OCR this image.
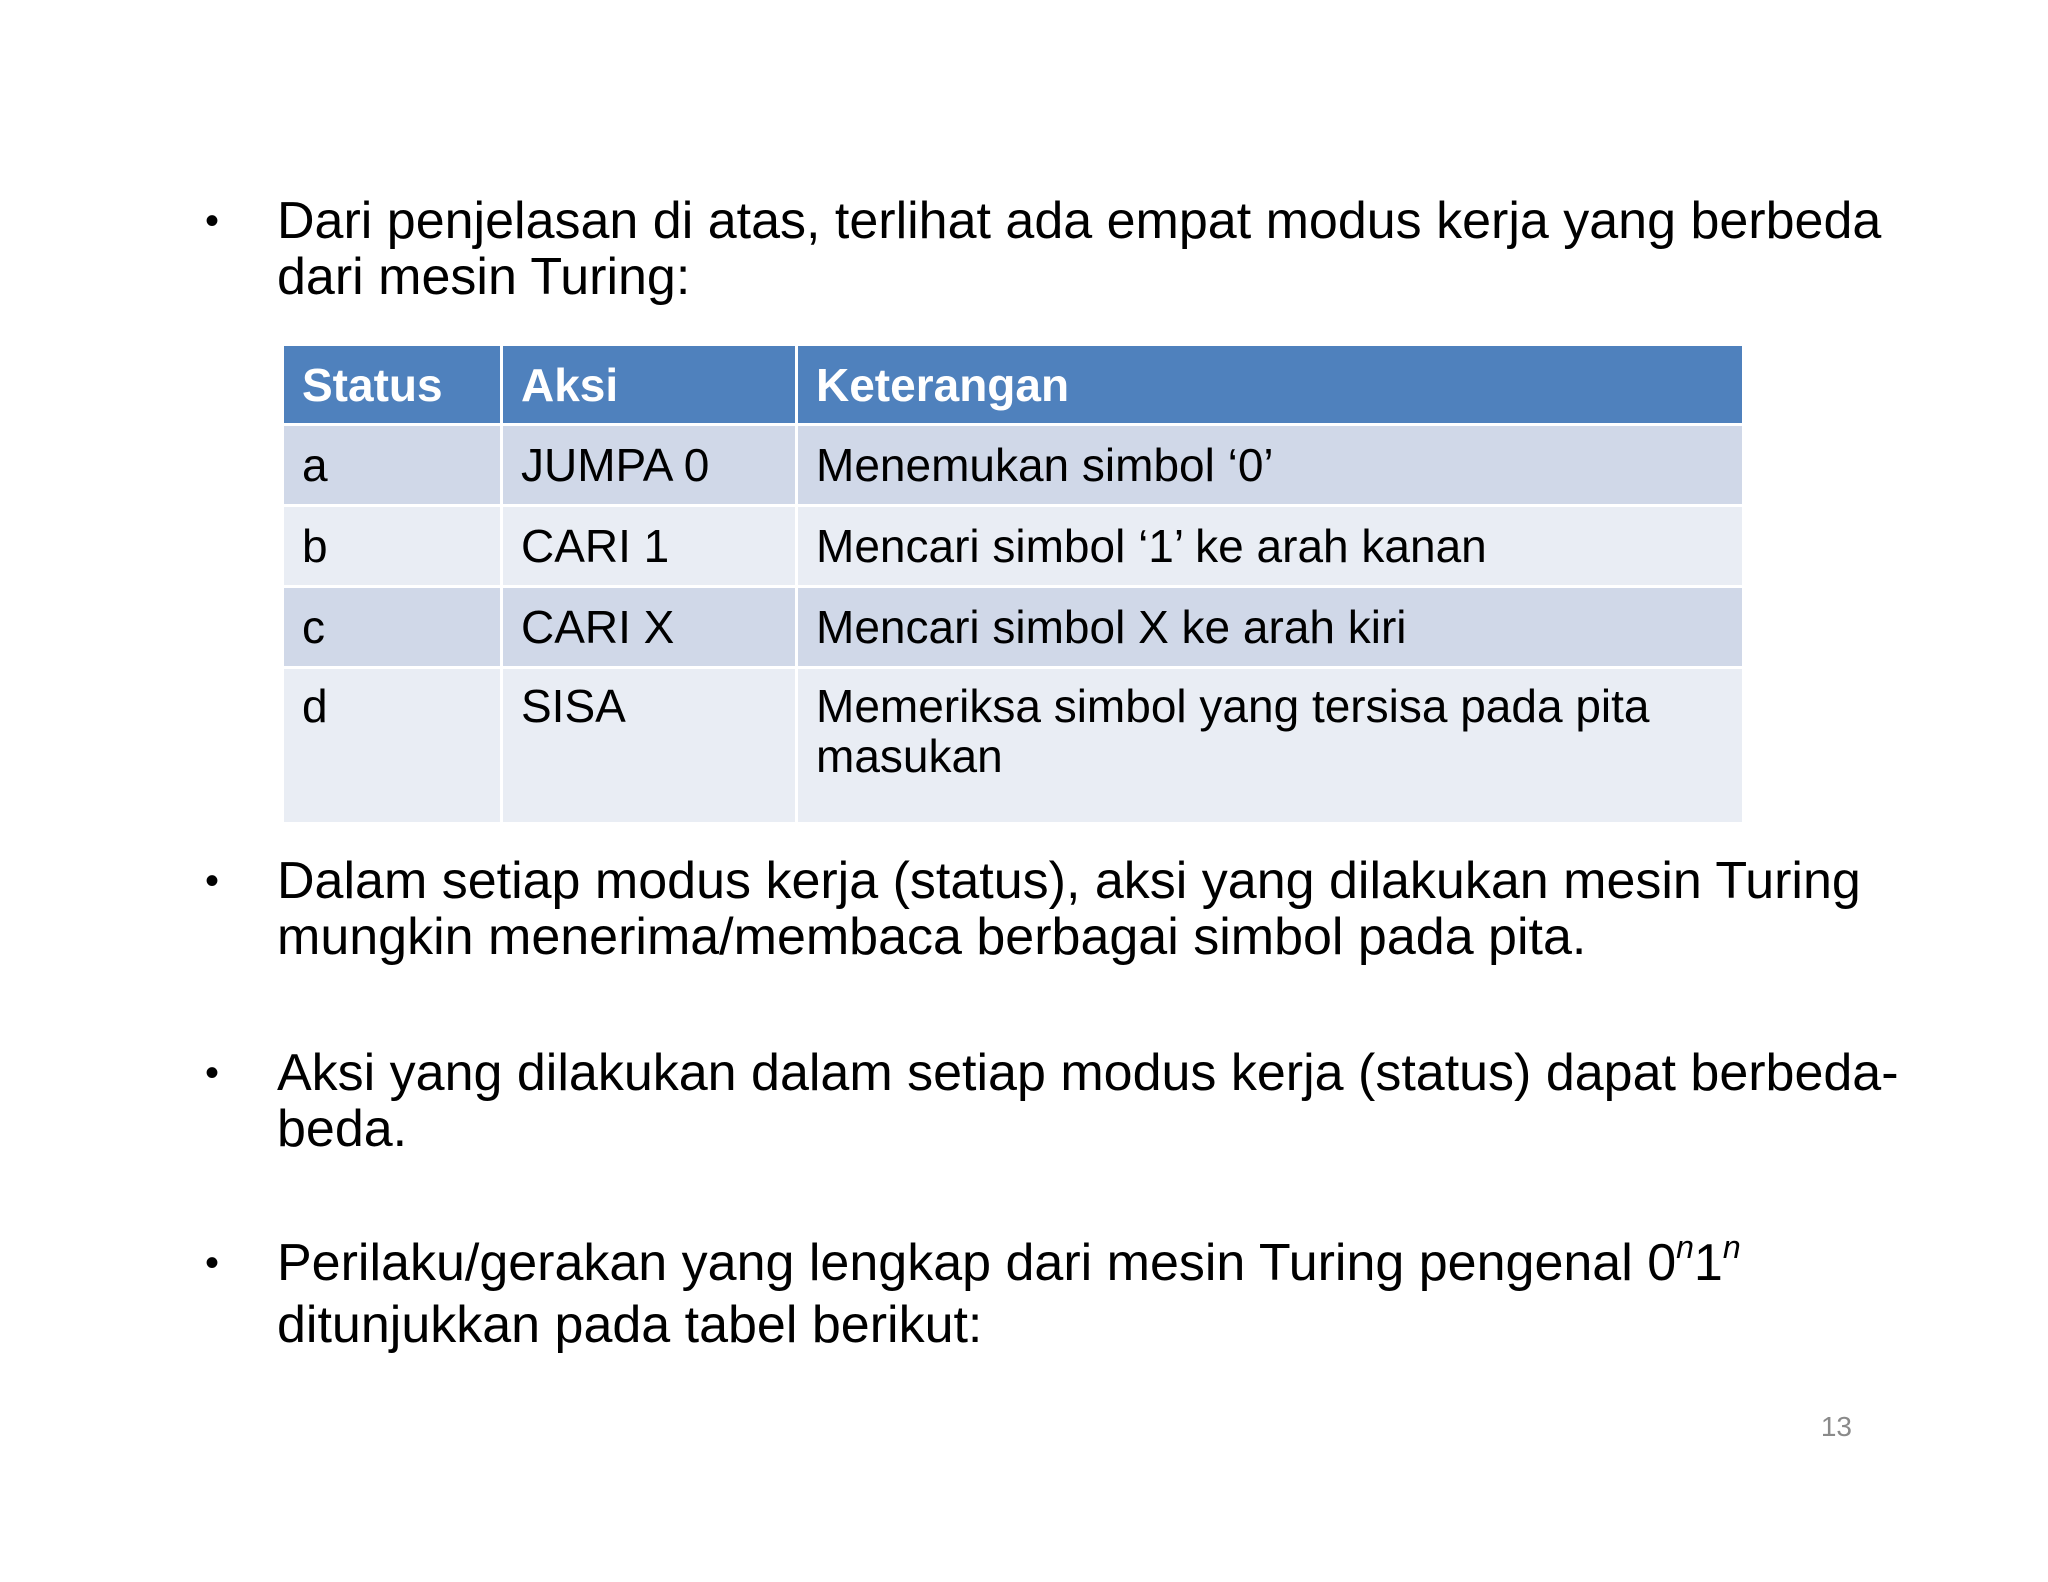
•	Dari penjelasan di atas, terlihat ada empat modus kerja yang berbeda dari mesin Turing:
Status	Aksi	Keterangan
a	JUMPA 0	Menemukan simbol ‘0’
b	CARI 1	Mencari simbol ‘1’ ke arah kanan
c	CARI X	Mencari simbol X ke arah kiri
d	SISA	Memeriksa simbol yang tersisa pada pita masukan
•	Dalam setiap modus kerja (status), aksi yang dilakukan mesin Turing mungkin menerima/membaca berbagai simbol pada pita.
•	Aksi yang dilakukan dalam setiap modus kerja (status) dapat berbeda-beda.
•	Perilaku/gerakan yang lengkap dari mesin Turing pengenal 0$^n$1$^n$
ditunjukkan pada tabel berikut:
13
